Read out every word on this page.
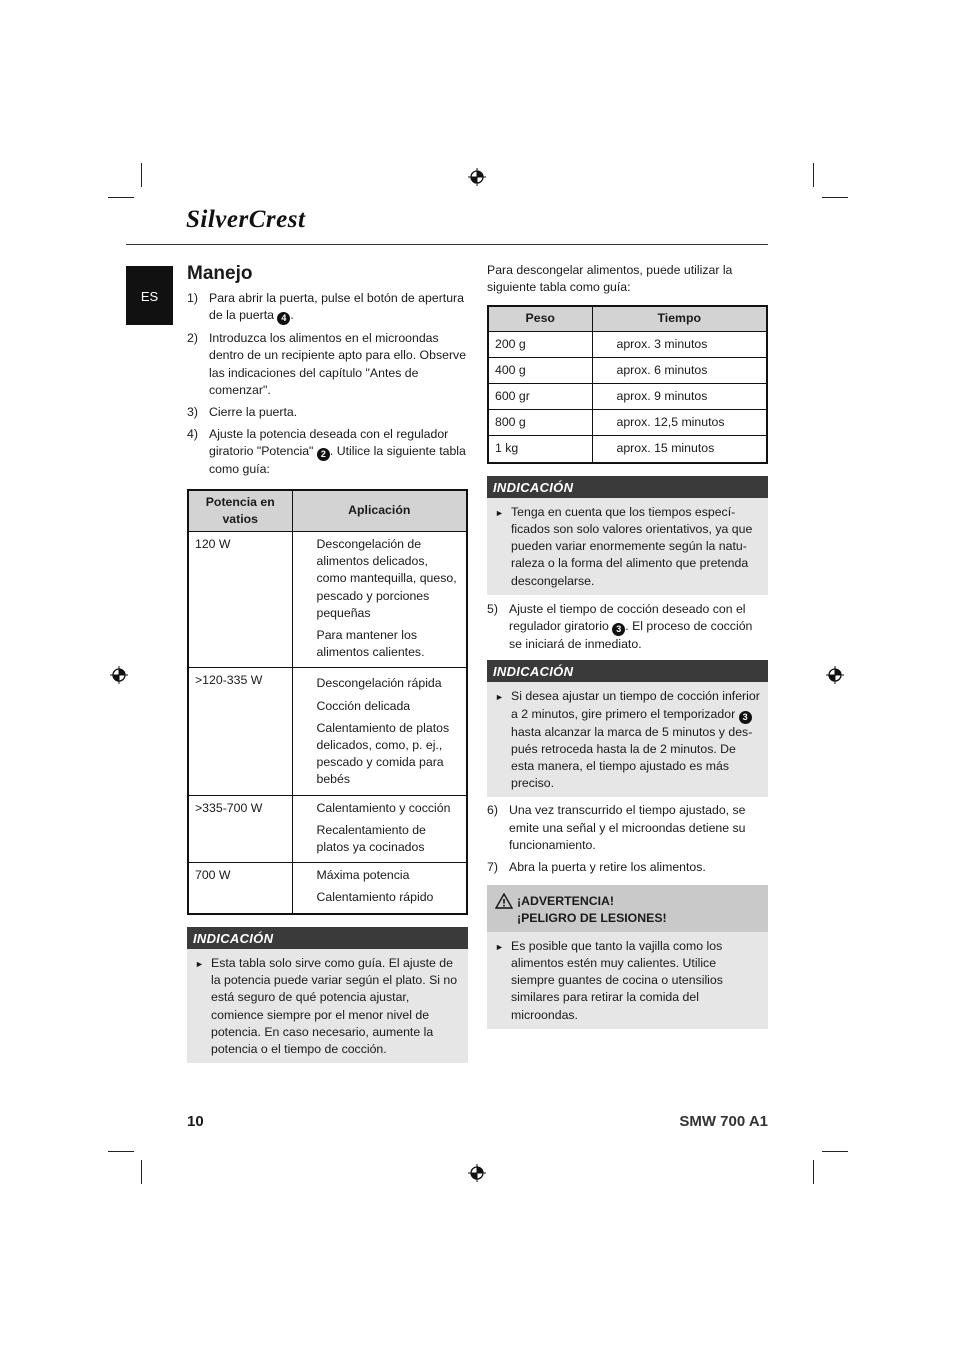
SilverCrest
ES
Manejo
1) Para abrir la puerta, pulse el botón de apertura de la puerta 4 .
2) Introduzca los alimentos en el microondas dentro de un recipiente apto para ello. Observe las indicaciones del capítulo "Antes de comenzar".
3) Cierre la puerta.
4) Ajuste la potencia deseada con el regulador giratorio "Potencia" 2 . Utilice la siguiente tabla como guía:
Potencia en vatios	Aplicación
120 W	Descongelación de alimentos delicados, como mantequilla, queso, pescado y porciones pequeñas

Para mantener los alimentos calientes.

>120-335 W	Descongelación rápida

Cocción delicada

Calentamiento de platos delicados, como, p. ej., pescado y comida para bebés

>335-700 W	Calentamiento y cocción

Recalentamiento de platos ya cocinados

700 W	Máxima potencia

Calentamiento rápido

INDICACIÓN
► Esta tabla solo sirve como guía. El ajuste de la potencia puede variar según el plato. Si no está seguro de qué potencia ajustar, comience siempre por el menor nivel de potencia. En caso necesario, aumente la potencia o el tiempo de cocción.

Para descongelar alimentos, puede utilizar la siguiente tabla como guía:

Peso	Tiempo
200 g	aprox. 3 minutos
400 g	aprox. 6 minutos
600 gr	aprox. 9 minutos
800 g	aprox. 12,5 minutos
1 kg	aprox. 15 minutos
INDICACIÓN
► Tenga en cuenta que los tiempos específicados son solo valores orientativos, ya que pueden variar enormemente según la naturaleza o la forma del alimento que pretenda descongelarse.
5) Ajuste el tiempo de cocción deseado con el regulador giratorio 3 . El proceso de cocción se iniciará de inmediato.
INDICACIÓN
► Si desea ajustar un tiempo de cocción inferior a 2 minutos, gire primero el temporizador 3 hasta alcanzar la marca de 5 minutos y después retroceda hasta la de 2 minutos. De esta manera, el tiempo ajustado es más preciso.
6) Una vez transcurrido el tiempo ajustado, se emite una señal y el microondas detiene su funcionamiento.
7) Abra la puerta y retire los alimentos.
¡ADVERTENCIA!
¡PELIGRO DE LESIONES!
► Es posible que tanto la vajilla como los alimentos estén muy calientes. Utilice siempre guantes de cocina o utensilios similares para retirar la comida del microondas.
10	SMW 700 A1
